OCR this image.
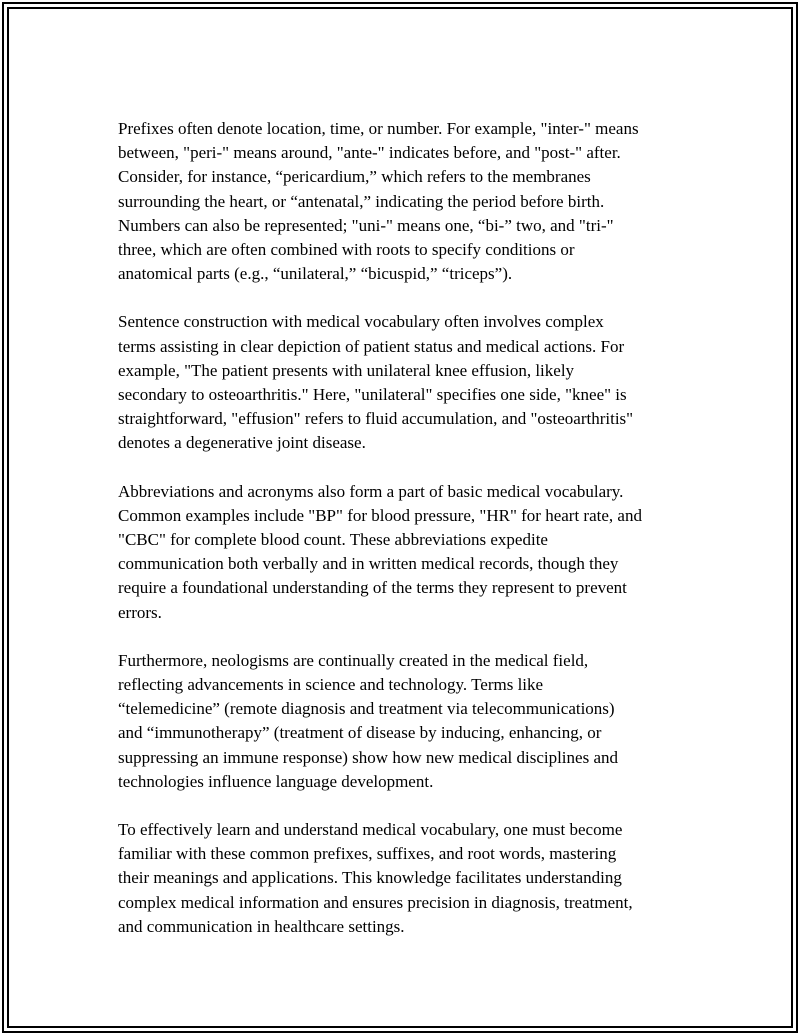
Prefixes often denote location, time, or number. For example, "inter-" means
between, "peri-" means around, "ante-" indicates before, and "post-" after.
Consider, for instance, “pericardium,” which refers to the membranes
surrounding the heart, or “antenatal,” indicating the period before birth.
Numbers can also be represented; "uni-" means one, “bi-” two, and "tri-"
three, which are often combined with roots to specify conditions or
anatomical parts (e.g., “unilateral,” “bicuspid,” “triceps”).

Sentence construction with medical vocabulary often involves complex
terms assisting in clear depiction of patient status and medical actions. For
example, "The patient presents with unilateral knee effusion, likely
secondary to osteoarthritis." Here, "unilateral" specifies one side, "knee" is
straightforward, "effusion" refers to fluid accumulation, and "osteoarthritis"
denotes a degenerative joint disease.

Abbreviations and acronyms also form a part of basic medical vocabulary.
Common examples include "BP" for blood pressure, "HR" for heart rate, and
"CBC" for complete blood count. These abbreviations expedite
communication both verbally and in written medical records, though they
require a foundational understanding of the terms they represent to prevent
errors.

Furthermore, neologisms are continually created in the medical field,
reflecting advancements in science and technology. Terms like
“telemedicine” (remote diagnosis and treatment via telecommunications)
and “immunotherapy” (treatment of disease by inducing, enhancing, or
suppressing an immune response) show how new medical disciplines and
technologies influence language development.

To effectively learn and understand medical vocabulary, one must become
familiar with these common prefixes, suffixes, and root words, mastering
their meanings and applications. This knowledge facilitates understanding
complex medical information and ensures precision in diagnosis, treatment,
and communication in healthcare settings.
